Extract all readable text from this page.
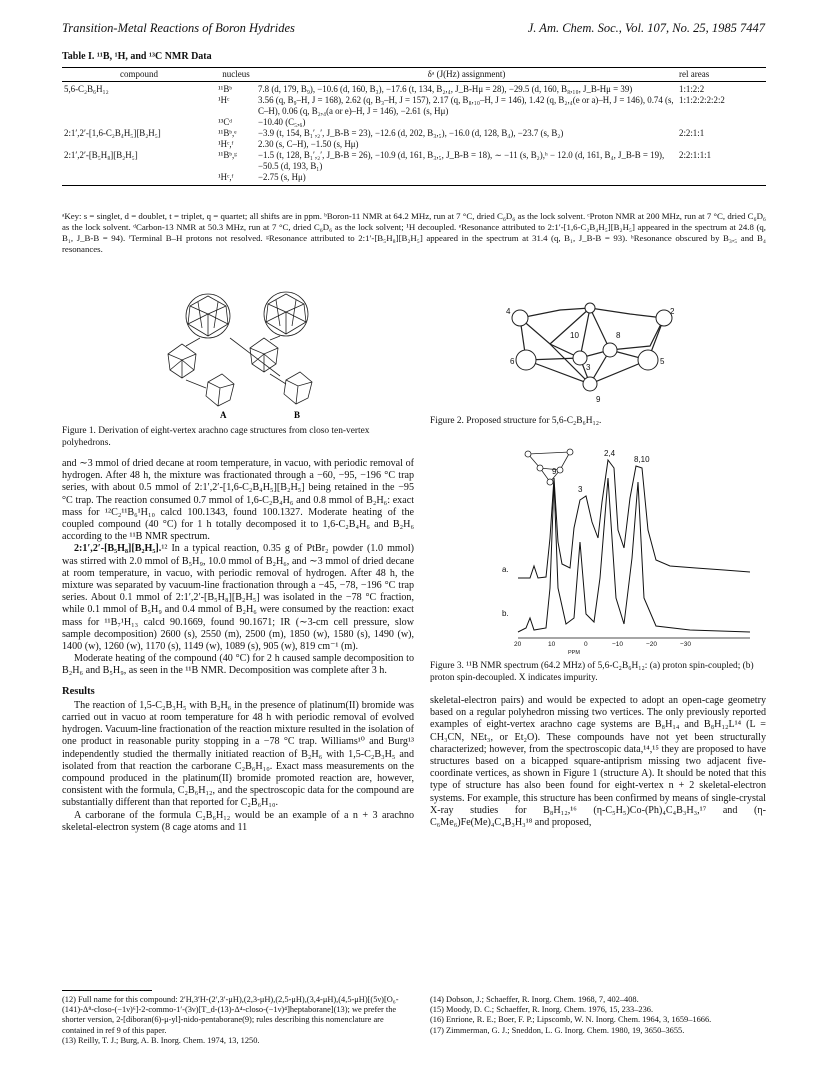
Transition-Metal Reactions of Boron Hydrides	J. Am. Chem. Soc., Vol. 107, No. 25, 1985 7447
Table I. ¹¹B, ¹H, and ¹³C NMR Data
compound	nucleus	δᵃ (J(Hz) assignment)	rel areas
5,6-C₂B₆H₁₂	¹¹Bᵇ	7.8 (d, 179, B₉), −10.6 (d, 160, B₃), −17.6 (t, 134, B₂,₄, J_B-Hμ = 28), −29.5 (d, 160, B₈,₁₀, J_B-Hμ = 39)	1:1:2:2
	¹Hᶜ	3.56 (q, B₉–H, J = 168), 2.62 (q, B₃–H, J = 157), 2.17 (q, B₈,₁₀–H, J = 146), 1.42 (q, B₂,₄(e or a)–H, J = 146), 0.74 (s, C–H), 0.06 (q, B₂,₄(a or e)–H, J = 146), −2.61 (s, Hμ)	1:1:2:2:2:2:2
	¹³Cᵈ	−10.40 (C₅,₆)	
2:1′,2′-[1,6-C₂B₄H₅][B₂H₅]	¹¹Bᵇ,ᵉ	−3.9 (t, 154, B₁′,₂′, J_B-B = 23), −12.6 (d, 202, B₃,₅), −16.0 (d, 128, B₄), −23.7 (s, B₂)	2:2:1:1
	¹Hᶜ,ᶠ	2.30 (s, C–H), −1.50 (s, Hμ)	
2:1′,2′-[B₅H₈][B₂H₅]	¹¹Bᵇ,ᵍ	−1.5 (t, 128, B₁′,₂′, J_B-B = 26), −10.9 (d, 161, B₃,₅, J_B-B = 18), ∼ −11 (s, B₂),ʰ − 12.0 (d, 161, B₄, J_B-B = 19), −50.5 (d, 193, B₁)	2:2:1:1:1
	¹Hᶜ,ᶠ	−2.75 (s, Hμ)	
ᵃKey: s = singlet, d = doublet, t = triplet, q = quartet; all shifts are in ppm. ᵇBoron-11 NMR at 64.2 MHz, run at 7 °C, dried C₆D₆ as the lock solvent. ᶜProton NMR at 200 MHz, run at 7 °C, dried C₆D₆ as the lock solvent. ᵈCarbon-13 NMR at 50.3 MHz, run at 7 °C, dried C₆D₆ as the lock solvent; ¹H decoupled. ᵉResonance attributed to 2:1′-[1,6-C₂B₄H₅][B₂H₅] appeared in the spectrum at 24.8 (q, B₁, J_B-B = 94). ᶠTerminal B–H protons not resolved. ᵍResonance attributed to 2:1′-[B₅H₈][B₂H₅] appeared in the spectrum at 31.4 (q, B₁, J_B-B = 93). ʰResonance obscured by B₃,₅ and B₄ resonances.
A	B
Figure 1. Derivation of eight-vertex arachno cage structures from closo ten-vertex polyhedrons.
4	2
10	8
6
3
5
9
Figure 2. Proposed structure for 5,6-C₂B₆H₁₂.
a.
b.
9
3
2,4
8,10
20	10	0	−10	−20	−30
PPM
Figure 3. ¹¹B NMR spectrum (64.2 MHz) of 5,6-C₂B₆H₁₂: (a) proton spin-coupled; (b) proton spin-decoupled. X indicates impurity.

and ∼3 mmol of dried decane at room temperature, in vacuo, with periodic removal of hydrogen. After 48 h, the mixture was fractionated through a −60, −95, −196 °C trap series, with about 0.5 mmol of 2:1′,2′-[1,6-C₂B₄H₅][B₂H₅] being retained in the −95 °C trap. The reaction consumed 0.7 mmol of 1,6-C₂B₄H₆ and 0.8 mmol of B₂H₆: exact mass for ¹²C₂¹¹B₆¹H₁₀ calcd 100.1343, found 100.1327. Moderate heating of the coupled compound (40 °C) for 1 h totally decomposed it to 1,6-C₂B₄H₆ and B₂H₆ according to the ¹¹B NMR spectrum.

2:1′,2′-[B₅H₈][B₂H₅].¹² In a typical reaction, 0.35 g of PtBr₂ powder (1.0 mmol) was stirred with 2.0 mmol of B₅H₉, 10.0 mmol of B₂H₆, and ∼3 mmol of dried decane at room temperature, in vacuo, with periodic removal of hydrogen. After 48 h, the mixture was separated by vacuum-line fractionation through a −45, −78, −196 °C trap series. About 0.1 mmol of 2:1′,2′-[B₅H₈][B₂H₅] was isolated in the −78 °C fraction, while 0.1 mmol of B₅H₉ and 0.4 mmol of B₂H₆ were consumed by the reaction: exact mass for ¹¹B₇¹H₁₃ calcd 90.1669, found 90.1671; IR (∼3-cm cell pressure, slow sample decomposition) 2600 (s), 2550 (m), 2500 (m), 1850 (w), 1580 (s), 1490 (w), 1400 (w), 1260 (w), 1170 (s), 1149 (w), 1089 (s), 905 (w), 819 cm⁻¹ (m).

Moderate heating of the compound (40 °C) for 2 h caused sample decomposition to B₂H₆ and B₅H₉, as seen in the ¹¹B NMR. Decomposition was complete after 3 h.

Results

The reaction of 1,5-C₂B₃H₅ with B₂H₆ in the presence of platinum(II) bromide was carried out in vacuo at room temperature for 48 h with periodic removal of evolved hydrogen. Vacuum-line fractionation of the reaction mixture resulted in the isolation of one product in reasonable purity stopping in a −78 °C trap. Williams¹⁰ and Burg¹³ independently studied the thermally initiated reaction of B₂H₆ with 1,5-C₂B₃H₅ and isolated from that reaction the carborane C₂B₆H₁₀. Exact mass measurements on the compound produced in the platinum(II) bromide promoted reaction are, however, consistent with the formula, C₂B₆H₁₂, and the spectroscopic data for the compound are substantially different than that reported for C₂B₆H₁₀.

A carborane of the formula C₂B₆H₁₂ would be an example of a n + 3 arachno skeletal-electron system (8 cage atoms and 11

skeletal-electron pairs) and would be expected to adopt an open-cage geometry based on a regular polyhedron missing two vertices. The only previously reported examples of eight-vertex arachno cage systems are B₈H₁₄ and B₈H₁₂L¹⁴ (L = CH₃CN, NEt₃, or Et₂O). These compounds have not yet been structurally characterized; however, from the spectroscopic data,¹⁴,¹⁵ they are proposed to have structures based on a bicapped square-antiprism missing two adjacent five-coordinate vertices, as shown in Figure 1 (structure A). It should be noted that this type of structure has also been found for eight-vertex n + 2 skeletal-electron systems. For example, this structure has been confirmed by means of single-crystal X-ray studies for B₈H₁₂,¹⁶ (η-C₅H₅)Co-(Ph)₄C₄B₃H₃,¹⁷ and (η-C₆Me₆)Fe(Me)₄C₄B₃H₃¹⁸ and proposed,

(12) Full name for this compound: 2′H,3′H-(2′,3′-μH),(2,3-μH),(2,5-μH),(3,4-μH),(4,5-μH)[(5ν)[O₆-(141)-Δ⁸-closo-(−1ν)⁶]-2-commo-1′-(3ν)[T_d-(13)-Δ⁴-closo-(−1ν)⁴]heptaborane](13); we prefer the shorter version, 2-[diboran(6)-μ-yl]-nido-pentaborane(9); rules describing this nomenclature are contained in ref 9 of this paper.

(13) Reilly, T. J.; Burg, A. B. Inorg. Chem. 1974, 13, 1250.

(14) Dobson, J.; Schaeffer, R. Inorg. Chem. 1968, 7, 402–408.

(15) Moody, D. C.; Schaeffer, R. Inorg. Chem. 1976, 15, 233–236.

(16) Enrione, R. E.; Boer, F. P.; Lipscomb, W. N. Inorg. Chem. 1964, 3, 1659–1666.

(17) Zimmerman, G. J.; Sneddon, L. G. Inorg. Chem. 1980, 19, 3650–3655.
